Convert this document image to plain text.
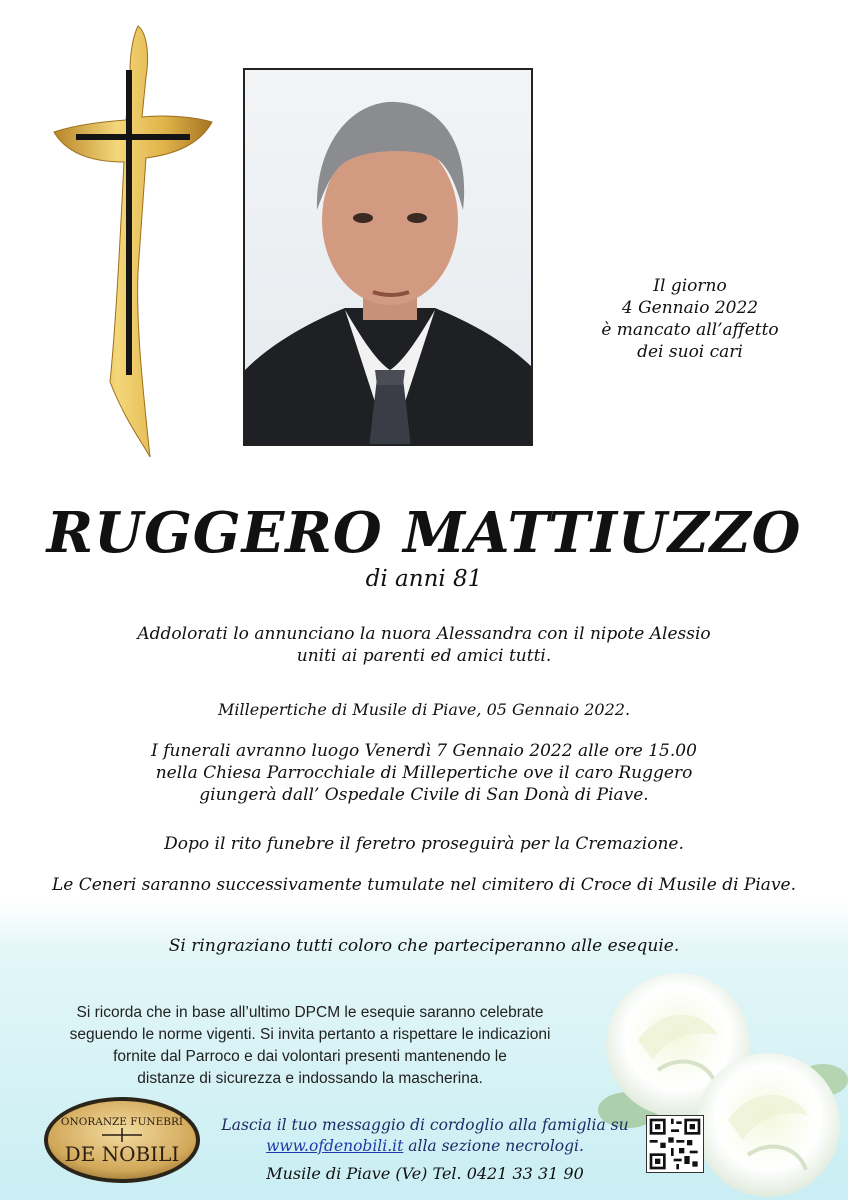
Il giorno
4 Gennaio 2022
è mancato all’affetto
dei suoi cari
RUGGERO MATTIUZZO
di anni 81
Addolorati lo annunciano la nuora Alessandra con il nipote Alessio
uniti ai parenti ed amici tutti.
Millepertiche di Musile di Piave, 05 Gennaio 2022.
I funerali avranno luogo Venerdì 7 Gennaio 2022 alle ore 15.00
nella Chiesa Parrocchiale di Millepertiche ove il caro Ruggero
giungerà dall’ Ospedale Civile di San Donà di Piave.
Dopo il rito funebre il feretro proseguirà per la Cremazione.
Le Ceneri saranno successivamente tumulate nel cimitero di Croce di Musile di Piave.
Si ringraziano tutti coloro che parteciperanno alle esequie.
Si ricorda che in base all’ultimo DPCM le esequie saranno celebrate
seguendo le norme vigenti. Si invita pertanto a rispettare le indicazioni
fornite dal Parroco e dai volontari presenti mantenendo le
distanze di sicurezza e indossando la mascherina.
ONORANZE FUNEBRI
DE NOBILI
Lascia il tuo messaggio di cordoglio alla famiglia su
www.ofdenobili.it alla sezione necrologi.
Musile di Piave (Ve) Tel. 0421 33 31 90
